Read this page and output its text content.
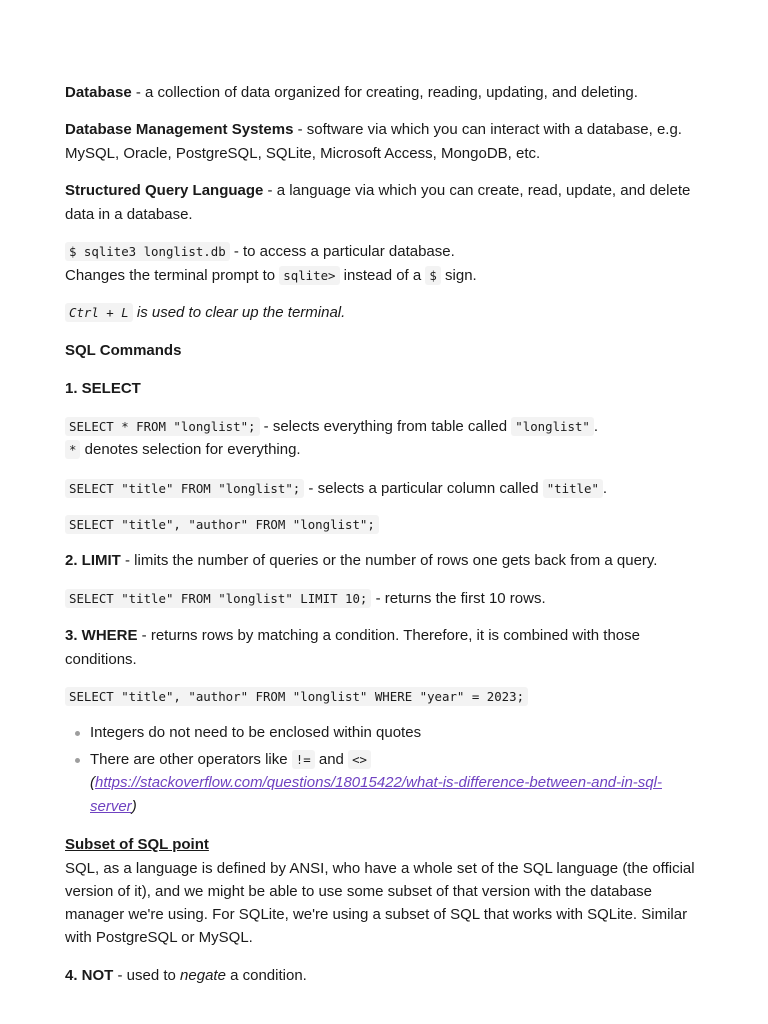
Database - a collection of data organized for creating, reading, updating, and deleting.
Database Management Systems - software via which you can interact with a database, e.g.
MySQL, Oracle, PostgreSQL, SQLite, Microsoft Access, MongoDB, etc.
Structured Query Language - a language via which you can create, read, update, and delete
data in a database.
$ sqlite3 longlist.db - to access a particular database.
Changes the terminal prompt to sqlite> instead of a $ sign.
Ctrl + L is used to clear up the terminal.
SQL Commands
1. SELECT
SELECT * FROM "longlist"; - selects everything from table called "longlist" .
* denotes selection for everything.
SELECT "title" FROM "longlist"; - selects a particular column called "title" .
SELECT "title", "author" FROM "longlist";
2. LIMIT - limits the number of queries or the number of rows one gets back from a query.
SELECT "title" FROM "longlist" LIMIT 10; - returns the first 10 rows.
3. WHERE - returns rows by matching a condition. Therefore, it is combined with those
conditions.
SELECT "title", "author" FROM "longlist" WHERE "year" = 2023;
Integers do not need to be enclosed within quotes
There are other operators like != and <>
(https://stackoverflow.com/questions/18015422/what-is-difference-between-and-in-sql-
server)
Subset of SQL point
SQL, as a language is defined by ANSI, who have a whole set of the SQL language (the official
version of it), and we might be able to use some subset of that version with the database
manager we're using. For SQLite, we're using a subset of SQL that works with SQLite. Similar
with PostgreSQL or MySQL.
4. NOT - used to negate a condition.
